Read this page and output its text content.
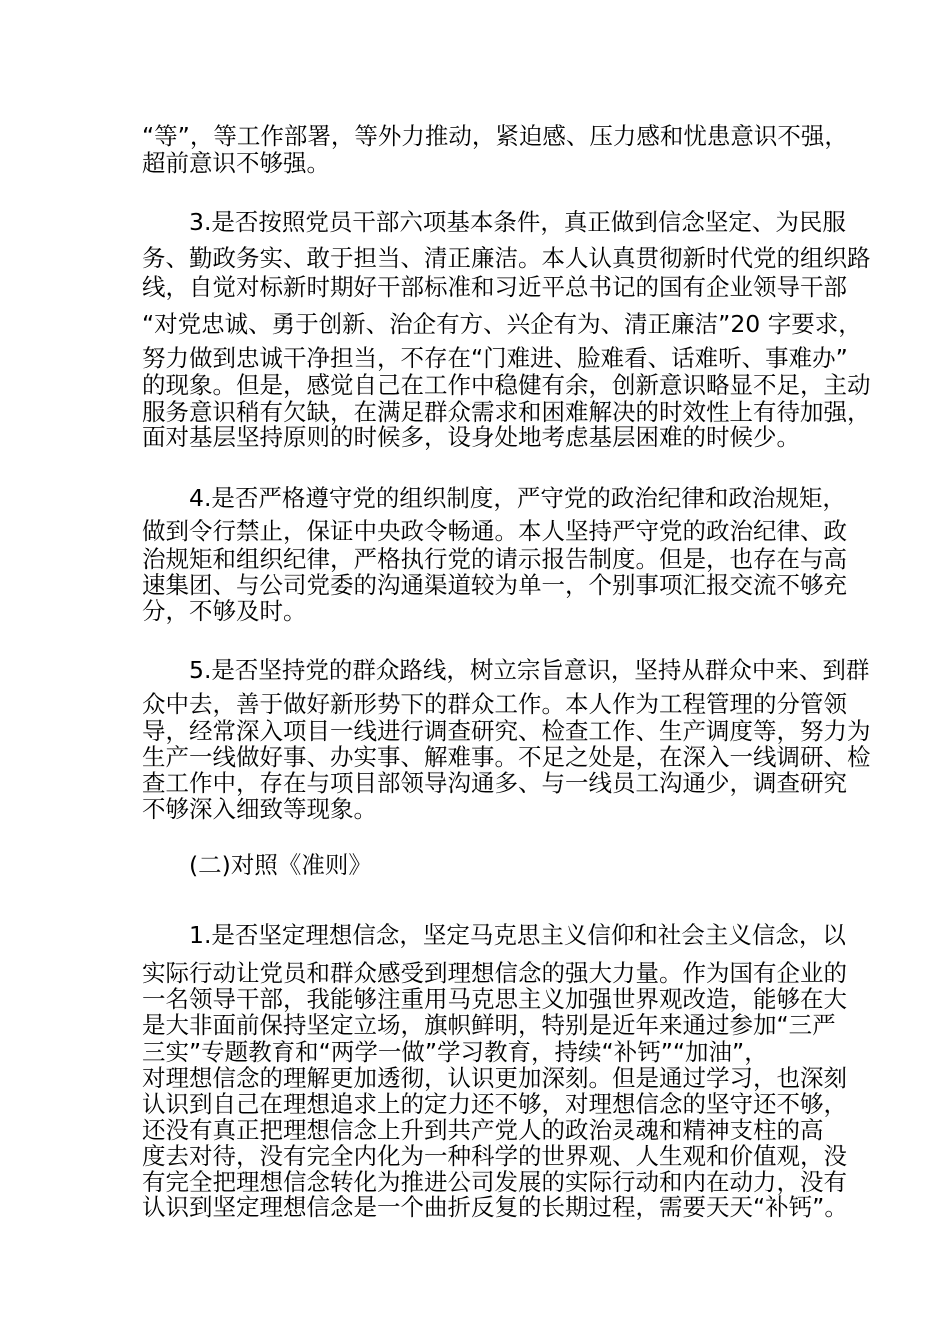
“等”，等工作部署，等外力推动，紧迫感、压力感和忧患意识不强，

超前意识不够强。

3.是否按照党员干部六项基本条件，真正做到信念坚定、为民服

务、勤政务实、敢于担当、清正廉洁。本人认真贯彻新时代党的组织路

线，自觉对标新时期好干部标准和习近平总书记的国有企业领导干部

“对党忠诚、勇于创新、治企有方、兴企有为、清正廉洁”20 字要求，

努力做到忠诚干净担当，不存在“门难进、脸难看、话难听、事难办”

的现象。但是，感觉自己在工作中稳健有余，创新意识略显不足，主动

服务意识稍有欠缺，在满足群众需求和困难解决的时效性上有待加强，

面对基层坚持原则的时候多，设身处地考虑基层困难的时候少。

4.是否严格遵守党的组织制度，严守党的政治纪律和政治规矩，

做到令行禁止，保证中央政令畅通。本人坚持严守党的政治纪律、政

治规矩和组织纪律，严格执行党的请示报告制度。但是，也存在与高

速集团、与公司党委的沟通渠道较为单一，个别事项汇报交流不够充

分，不够及时。

5.是否坚持党的群众路线，树立宗旨意识，坚持从群众中来、到群

众中去，善于做好新形势下的群众工作。本人作为工程管理的分管领

导，经常深入项目一线进行调查研究、检查工作、生产调度等，努力为

生产一线做好事、办实事、解难事。不足之处是，在深入一线调研、检

查工作中，存在与项目部领导沟通多、与一线员工沟通少，调查研究

不够深入细致等现象。

(二)对照《准则》

1.是否坚定理想信念，坚定马克思主义信仰和社会主义信念，以

实际行动让党员和群众感受到理想信念的强大力量。作为国有企业的

一名领导干部，我能够注重用马克思主义加强世界观改造，能够在大

是大非面前保持坚定立场，旗帜鲜明，特别是近年来通过参加“三严

三实”专题教育和“两学一做”学习教育，持续“补钙”“加油”，

对理想信念的理解更加透彻，认识更加深刻。但是通过学习，也深刻

认识到自己在理想追求上的定力还不够，对理想信念的坚守还不够，

还没有真正把理想信念上升到共产党人的政治灵魂和精神支柱的高

度去对待，没有完全内化为一种科学的世界观、人生观和价值观，没

有完全把理想信念转化为推进公司发展的实际行动和内在动力，没有

认识到坚定理想信念是一个曲折反复的长期过程，需要天天“补钙”。
